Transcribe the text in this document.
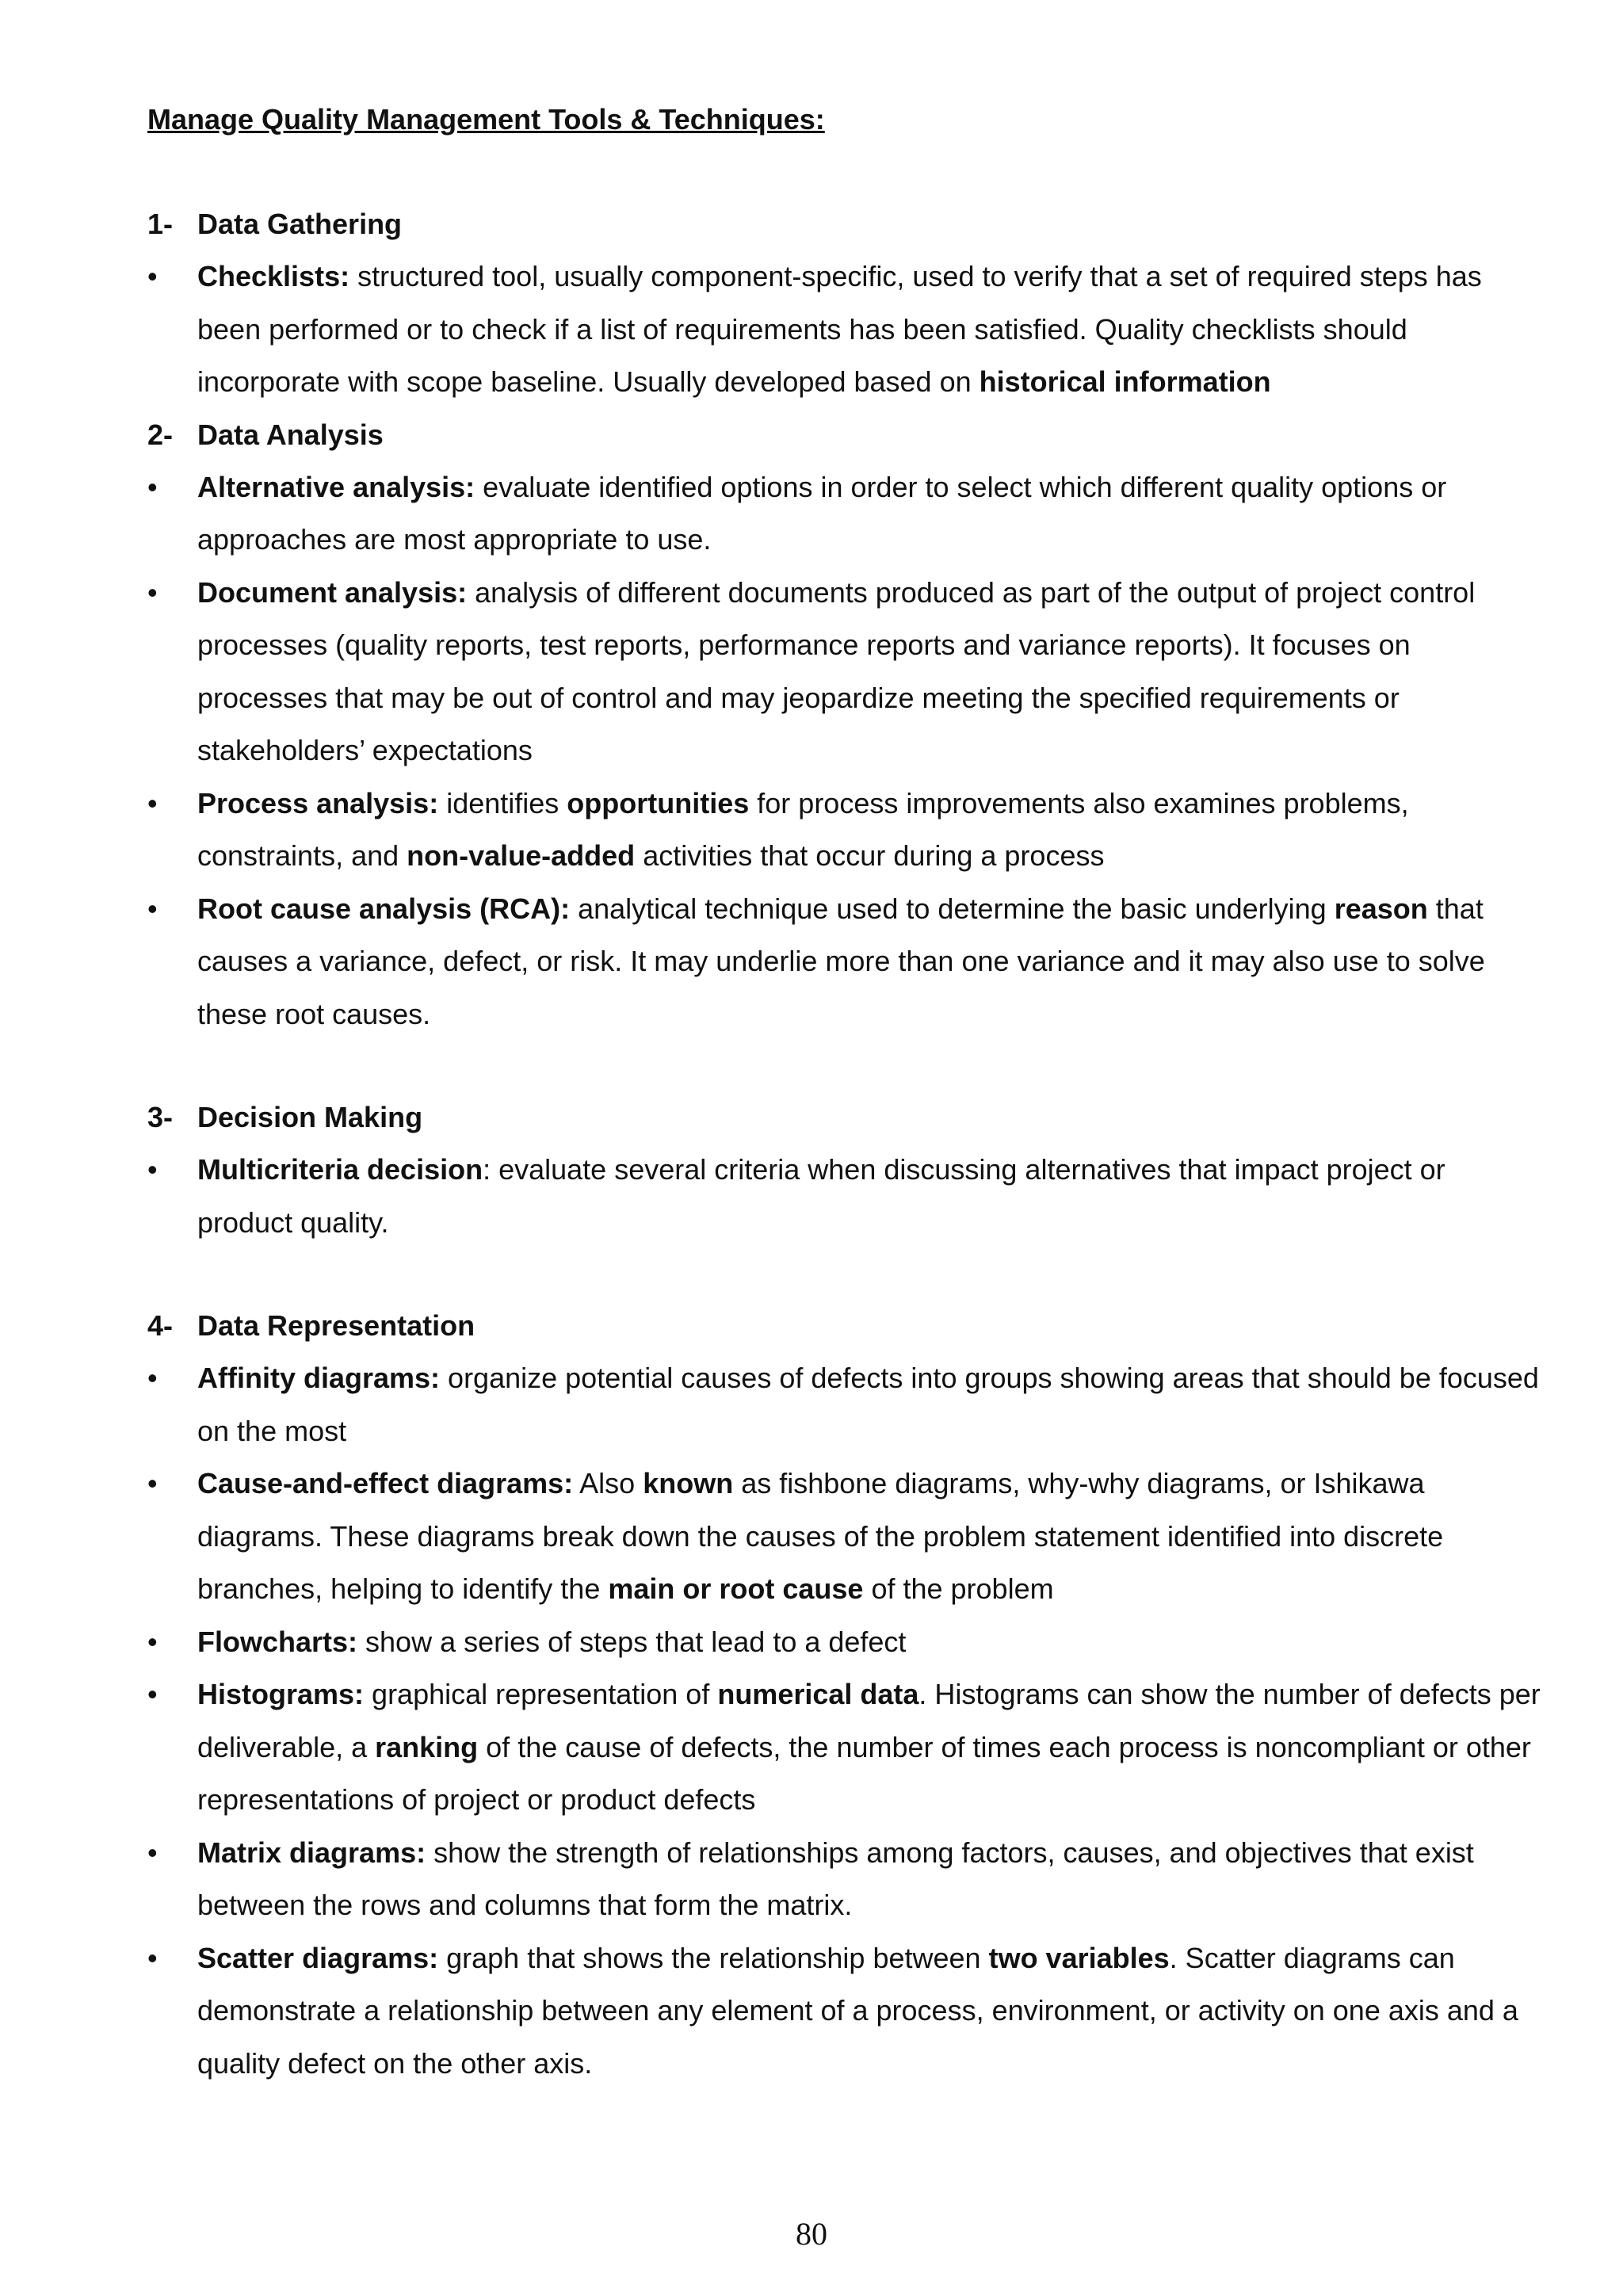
Manage Quality Management Tools & Techniques:
1- Data Gathering
• Checklists: structured tool, usually component-specific, used to verify that a set of required steps has been performed or to check if a list of requirements has been satisfied. Quality checklists should incorporate with scope baseline. Usually developed based on historical information
2- Data Analysis
• Alternative analysis: evaluate identified options in order to select which different quality options or approaches are most appropriate to use.
• Document analysis: analysis of different documents produced as part of the output of project control processes (quality reports, test reports, performance reports and variance reports). It focuses on processes that may be out of control and may jeopardize meeting the specified requirements or stakeholders’ expectations
• Process analysis: identifies opportunities for process improvements also examines problems, constraints, and non-value-added activities that occur during a process
• Root cause analysis (RCA): analytical technique used to determine the basic underlying reason that causes a variance, defect, or risk. It may underlie more than one variance and it may also use to solve these root causes.
3- Decision Making
• Multicriteria decision: evaluate several criteria when discussing alternatives that impact project or product quality.
4- Data Representation
• Affinity diagrams: organize potential causes of defects into groups showing areas that should be focused on the most
• Cause-and-effect diagrams: Also known as fishbone diagrams, why-why diagrams, or Ishikawa diagrams. These diagrams break down the causes of the problem statement identified into discrete branches, helping to identify the main or root cause of the problem
• Flowcharts: show a series of steps that lead to a defect
• Histograms: graphical representation of numerical data. Histograms can show the number of defects per deliverable, a ranking of the cause of defects, the number of times each process is noncompliant or other representations of project or product defects
• Matrix diagrams: show the strength of relationships among factors, causes, and objectives that exist between the rows and columns that form the matrix.
• Scatter diagrams: graph that shows the relationship between two variables. Scatter diagrams can demonstrate a relationship between any element of a process, environment, or activity on one axis and a quality defect on the other axis.
80
